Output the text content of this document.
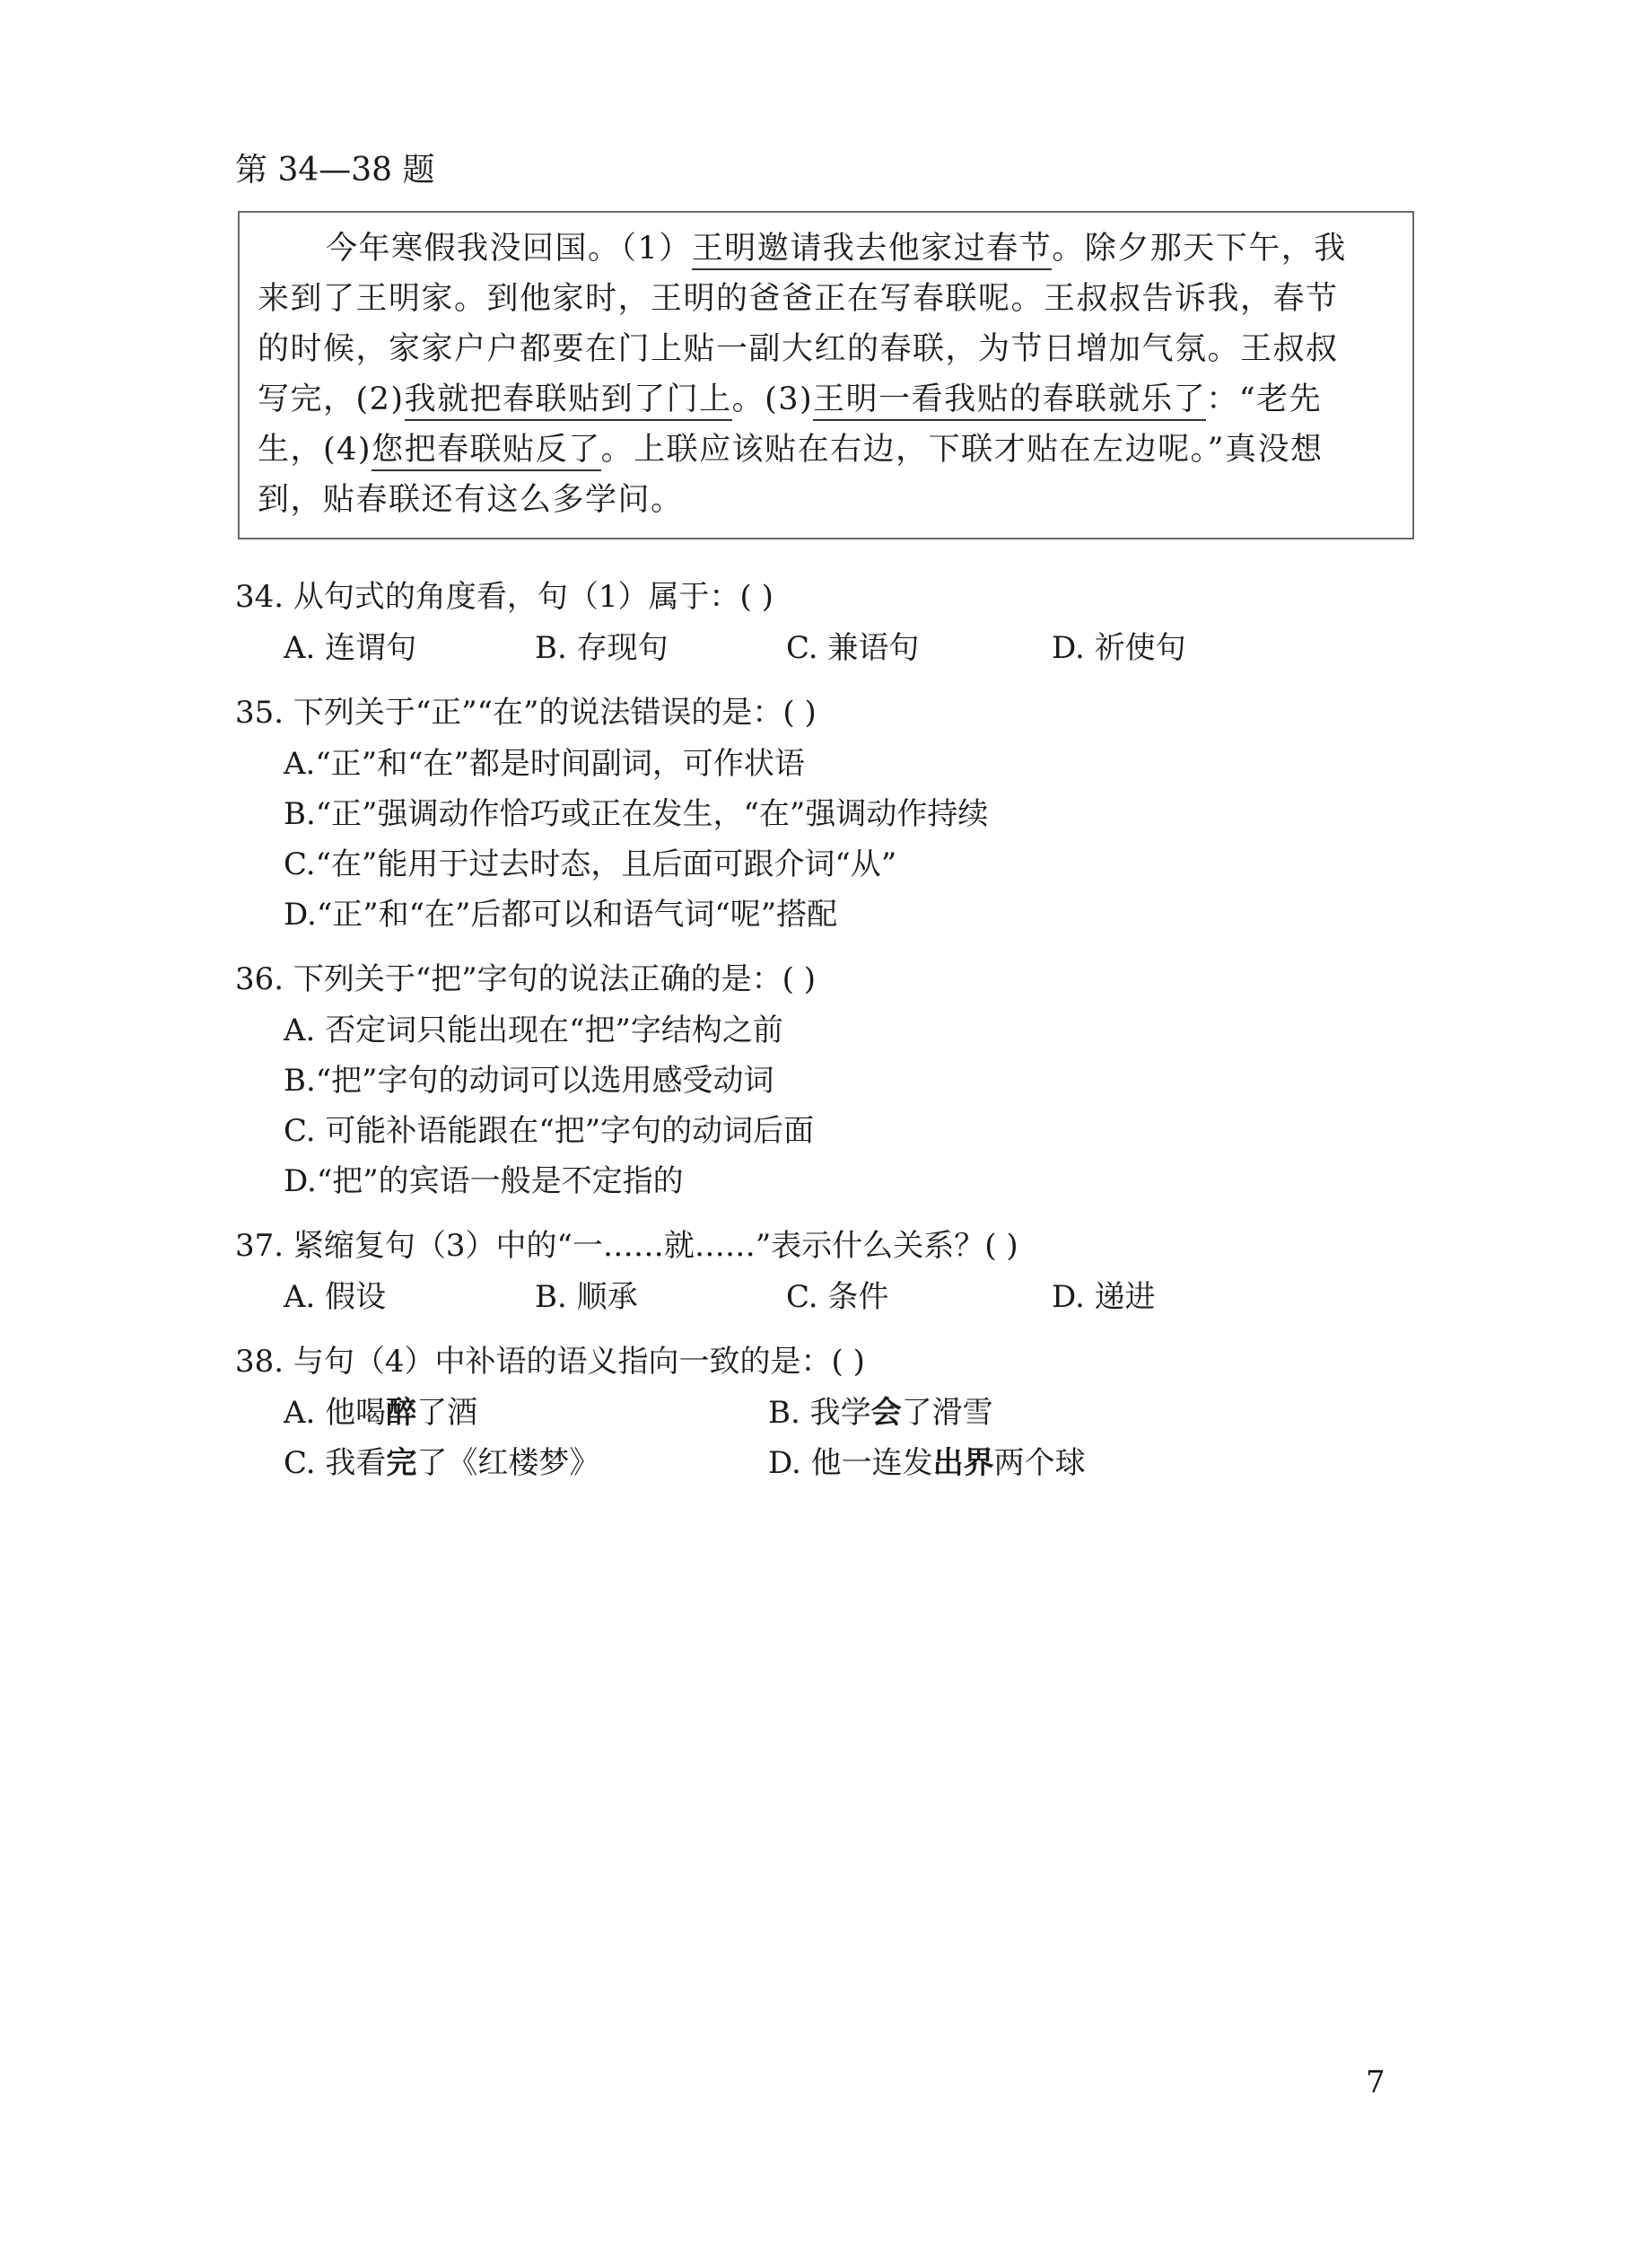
第 34—38 题
今年寒假我没回国。（1）王明邀请我去他家过春节。除夕那天下午，我
来到了王明家。到他家时，王明的爸爸正在写春联呢。王叔叔告诉我，春节
的时候，家家户户都要在门上贴一副大红的春联，为节日增加气氛。王叔叔
写完，(2)我就把春联贴到了门上。(3)王明一看我贴的春联就乐了：“老先
生，(4)您把春联贴反了。上联应该贴在右边，下联才贴在左边呢。”真没想
到，贴春联还有这么多学问。
34. 从句式的角度看，句（1）属于：( )
A. 连谓句	B. 存现句	C. 兼语句	D. 祈使句
35. 下列关于“正”“在”的说法错误的是：( )
A.“正”和“在”都是时间副词，可作状语
B.“正”强调动作恰巧或正在发生，“在”强调动作持续
C.“在”能用于过去时态，且后面可跟介词“从”
D.“正”和“在”后都可以和语气词“呢”搭配
36. 下列关于“把”字句的说法正确的是：( )
A. 否定词只能出现在“把”字结构之前
B.“把”字句的动词可以选用感受动词
C. 可能补语能跟在“把”字句的动词后面
D.“把”的宾语一般是不定指的
37. 紧缩复句（3）中的“一……就……”表示什么关系？( )
A. 假设	B. 顺承	C. 条件	D. 递进
38. 与句（4）中补语的语义指向一致的是：( )
A. 他喝醉了酒	B. 我学会了滑雪
C. 我看完了《红楼梦》	D. 他一连发出界两个球
7
